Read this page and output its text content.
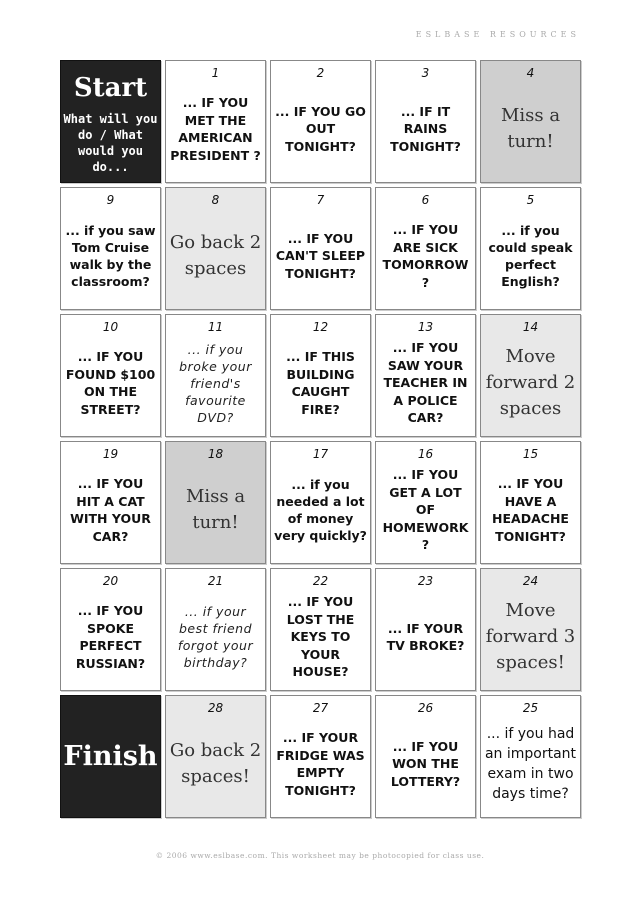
ESLBASE RESOURCES
Start
What will you do / What would you do...
1
... IF YOU MET THE AMERICAN PRESIDENT ?
2
... IF YOU GO OUT TONIGHT?
3
... IF IT RAINS TONIGHT?
4
Miss a turn!
9
... if you saw Tom Cruise walk by the classroom?
8
Go back 2 spaces
7
... IF YOU CAN'T SLEEP TONIGHT?
6
... IF YOU ARE SICK TOMORROW ?
5
... if you could speak perfect English?
10
... IF YOU FOUND $100 ON THE STREET?
11
... if you broke your friend's favourite DVD?
12
... IF THIS BUILDING CAUGHT FIRE?
13
... IF YOU SAW YOUR TEACHER IN A POLICE CAR?
14
Move forward 2 spaces
19
... IF YOU HIT A CAT WITH YOUR CAR?
18
Miss a turn!
17
... if you needed a lot of money very quickly?
16
... IF YOU GET A LOT OF HOMEWORK ?
15
... IF YOU HAVE A HEADACHE TONIGHT?
20
... IF YOU SPOKE PERFECT RUSSIAN?
21
... if your best friend forgot your birthday?
22
... IF YOU LOST THE KEYS TO YOUR HOUSE?
23
... IF YOUR TV BROKE?
24
Move forward 3 spaces!
Finish
28
Go back 2 spaces!
27
... IF YOUR FRIDGE WAS EMPTY TONIGHT?
26
... IF YOU WON THE LOTTERY?
25
... if you had an important exam in two days time?
© 2006 www.eslbase.com. This worksheet may be photocopied for class use.
